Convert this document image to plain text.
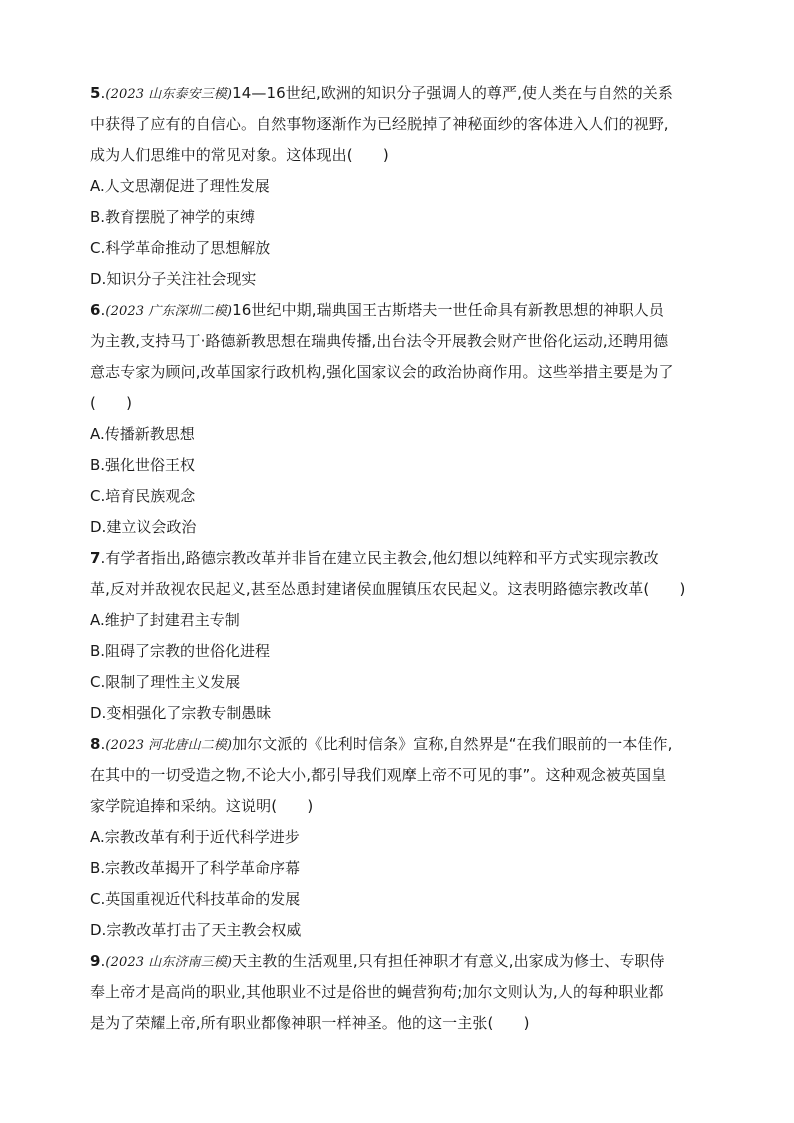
5.(2023 山东泰安三模)14—16世纪,欧洲的知识分子强调人的尊严,使人类在与自然的关系
中获得了应有的自信心。自然事物逐渐作为已经脱掉了神秘面纱的客体进入人们的视野,
成为人们思维中的常见对象。这体现出(　　)
A.人文思潮促进了理性发展
B.教育摆脱了神学的束缚
C.科学革命推动了思想解放
D.知识分子关注社会现实
6.(2023 广东深圳二模)16世纪中期,瑞典国王古斯塔夫一世任命具有新教思想的神职人员
为主教,支持马丁·路德新教思想在瑞典传播,出台法令开展教会财产世俗化运动,还聘用德
意志专家为顾问,改革国家行政机构,强化国家议会的政治协商作用。这些举措主要是为了
(　　)
A.传播新教思想
B.强化世俗王权
C.培育民族观念
D.建立议会政治
7.有学者指出,路德宗教改革并非旨在建立民主教会,他幻想以纯粹和平方式实现宗教改
革,反对并敌视农民起义,甚至怂恿封建诸侯血腥镇压农民起义。这表明路德宗教改革(　　)
A.维护了封建君主专制
B.阻碍了宗教的世俗化进程
C.限制了理性主义发展
D.变相强化了宗教专制愚昧
8.(2023 河北唐山二模)加尔文派的《比利时信条》宣称,自然界是“在我们眼前的一本佳作,
在其中的一切受造之物,不论大小,都引导我们观摩上帝不可见的事”。这种观念被英国皇
家学院追捧和采纳。这说明(　　)
A.宗教改革有利于近代科学进步
B.宗教改革揭开了科学革命序幕
C.英国重视近代科技革命的发展
D.宗教改革打击了天主教会权威
9.(2023 山东济南三模)天主教的生活观里,只有担任神职才有意义,出家成为修士、专职侍
奉上帝才是高尚的职业,其他职业不过是俗世的蝇营狗苟;加尔文则认为,人的每种职业都
是为了荣耀上帝,所有职业都像神职一样神圣。他的这一主张(　　)
